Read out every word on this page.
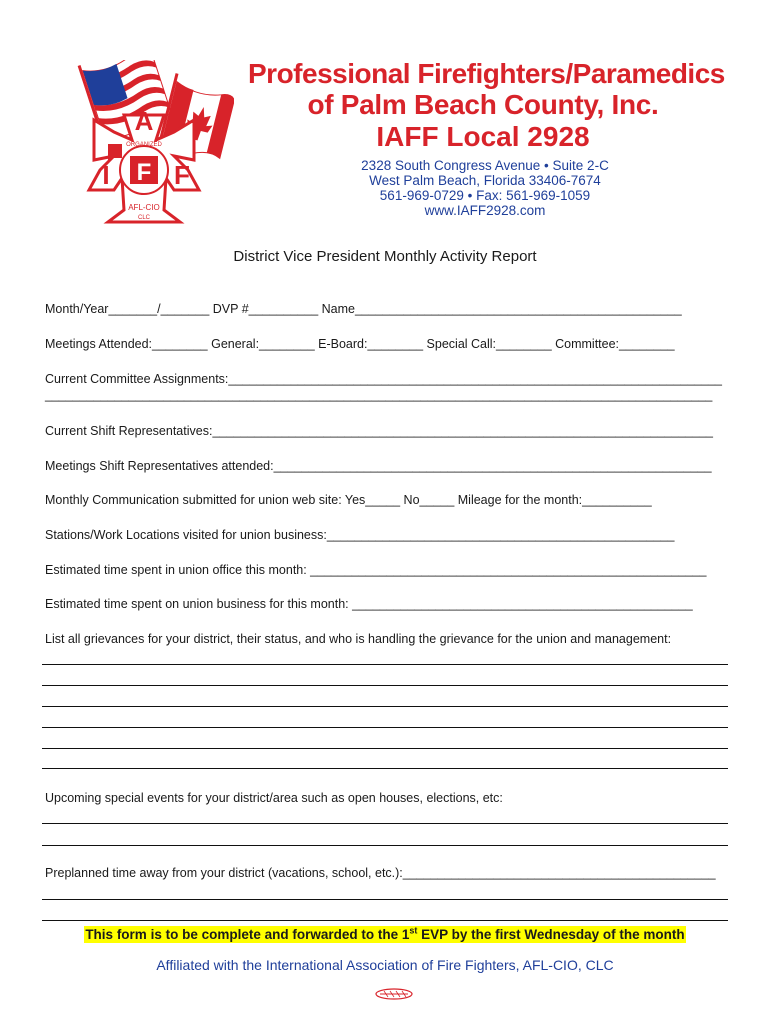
A
I F F
ORGANIZED
AFL-CIO
CLC
Professional Firefighters/Paramedics
of Palm Beach County, Inc.
IAFF Local 2928
2328 South Congress Avenue • Suite 2-C
West Palm Beach, Florida 33406-7674
561-969-0729 • Fax: 561-969-1059
www.IAFF2928.com
District Vice President Monthly Activity Report
Month/Year_______/_______ DVP #__________ Name_______________________________________________
Meetings Attended:________ General:________ E-Board:________ Special Call:________ Committee:________
Current Committee Assignments:_______________________________________________________________________
________________________________________________________________________________________________
Current Shift Representatives:________________________________________________________________________
Meetings Shift Representatives attended:_______________________________________________________________
Monthly Communication submitted for union web site: Yes_____ No_____ Mileage for the month:__________
Stations/Work Locations visited for union business:__________________________________________________
Estimated time spent in union office this month: _________________________________________________________
Estimated time spent on union business for this month: _________________________________________________
List all grievances for your district, their status, and who is handling the grievance for the union and management:
Upcoming special events for your district/area such as open houses, elections, etc:
Preplanned time away from your district (vacations, school, etc.):_____________________________________________
This form is to be complete and forwarded to the 1st EVP by the first Wednesday of the month
Affiliated with the International Association of Fire Fighters, AFL-CIO, CLC
